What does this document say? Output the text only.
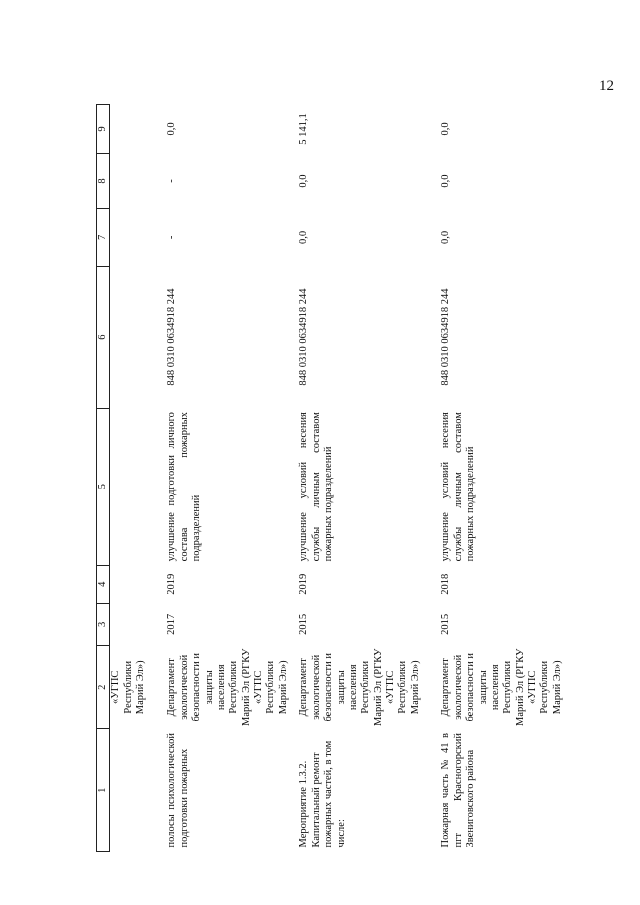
12
1	2	3	4	5	6	7	8	9
	«УГПС Республики Марий Эл»)							
полосы психологической подготовки пожарных	Департамент экологической безопасности и защиты населения Республики Марий Эл (РГКУ «УГПС Республики Марий Эл»)	2017	2019	улучшение подготовки личного состава пожарных подразделений	848 0310 0634918 244	-	-	0,0
Мероприятие 1.3.2. Капитальный ремонт пожарных частей, в том числе:	Департамент экологической безопасности и защиты населения Республики Марий Эл (РГКУ «УГПС Республики Марий Эл»)	2015	2019	улучшение условий несения службы личным составом пожарных подразделений	848 0310 0634918 244	0,0	0,0	5 141,1
Пожарная часть № 41 в пгт Красногорский Звениговского района	Департамент экологической безопасности и защиты населения Республики Марий Эл (РГКУ «УГПС Республики Марий Эл»)	2015	2018	улучшение условий несения службы личным составом пожарных подразделений	848 0310 0634918 244	0,0	0,0	0,0
